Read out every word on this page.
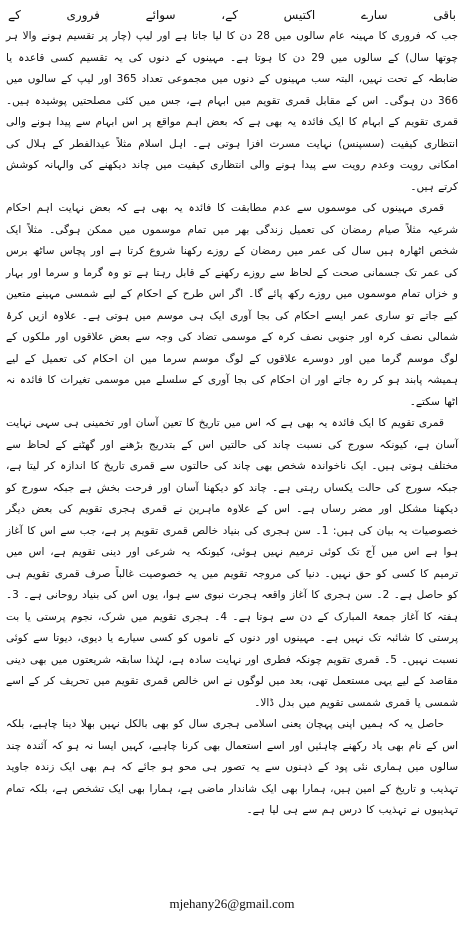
باقی
سارے
اکتیس
کے،
سوائے
فروری
کے

جب کہ فروری کا مہینہ عام سالوں میں 28 دن کا لیا جاتا ہے اور لیپ (چار پر تقسیم ہونے والا ہر چوتھا سال) کے سالوں میں 29 دن کا ہوتا ہے۔ مہینوں کے دنوں کی یہ تقسیم کسی قاعدہ یا ضابطہ کے تحت نہیں، البتہ سب مہینوں کے دنوں میں مجموعی تعداد 365 اور لیپ کے سالوں میں 366 دن ہوگی۔ اس کے مقابل قمری تقویم میں ابہام ہے، جس میں کئی مصلحتیں پوشیدہ ہیں۔ قمری تقویم کے ابہام کا ایک فائدہ یہ بھی ہے کہ بعض اہم مواقع پر اس ابہام سے پیدا ہونے والی انتظاری کیفیت (سسپنس) نہایت مسرت افزا ہوتی ہے۔ اہل اسلام مثلاً عیدالفطر کے ہلال کی امکانی رویت وعدم رویت سے پیدا ہونے والی انتظاری کیفیت میں چاند دیکھنے کی والہانہ کوشش کرتے ہیں۔

قمری مہینوں کی موسموں سے عدم مطابقت کا فائدہ یہ بھی ہے کہ بعض نہایت اہم احکام شرعیہ مثلاً صیام رمضان کی تعمیل زندگی بھر میں تمام موسموں میں ممکن ہوگی۔ مثلاً ایک شخص اٹھارہ ہیں سال کی عمر میں رمضان کے روزے رکھنا شروع کرتا ہے اور پچاس ساٹھ برس کی عمر تک جسمانی صحت کے لحاظ سے روزے رکھنے کے قابل رہتا ہے تو وہ گرما و سرما اور بہار و خزاں تمام موسموں میں روزے رکھ پائے گا۔ اگر اس طرح کے احکام کے لیے شمسی مہینے متعین کیے جاتے تو ساری عمر ایسے احکام کی بجا آوری ایک ہی موسم میں ہوتی ہے۔ علاوہ ازیں کرۂ شمالی نصف کرہ اور جنوبی نصف کرہ کے موسمی تضاد کی وجہ سے بعض علاقوں اور ملکوں کے لوگ موسم گرما میں اور دوسرے علاقوں کے لوگ موسم سرما میں ان احکام کی تعمیل کے لیے ہمیشہ پابند ہو کر رہ جاتے اور ان احکام کی بجا آوری کے سلسلے میں موسمی تغیرات کا فائدہ نہ اٹھا سکتے۔

قمری تقویم کا ایک فائدہ یہ بھی ہے کہ اس میں تاریخ کا تعین آسان اور تخمینی ہی سہی نہایت آسان ہے، کیونکہ سورج کی نسبت چاند کی حالتیں اس کے بتدریج بڑھنے اور گھٹنے کے لحاظ سے مختلف ہوتی ہیں۔ ایک ناخواندہ شخص بھی چاند کی حالتوں سے قمری تاریخ کا اندازہ کر لیتا ہے، جبکہ سورج کی حالت یکساں رہتی ہے۔ چاند کو دیکھنا آسان اور فرحت بخش ہے جبکہ سورج کو دیکھنا مشکل اور مضر رساں ہے۔ اس کے علاوہ ماہرین نے قمری ہجری تقویم کی بعض دیگر خصوصیات یہ بیان کی ہیں: 1۔ سن ہجری کی بنیاد خالص قمری تقویم پر ہے، جب سے اس کا آغاز ہوا ہے اس میں آج تک کوئی ترمیم نہیں ہوئی، کیونکہ یہ شرعی اور دینی تقویم ہے، اس میں ترمیم کا کسی کو حق نہیں۔ دنیا کی مروجہ تقویم میں یہ خصوصیت غالباً صرف قمری تقویم ہی کو حاصل ہے۔ 2۔ سن ہجری کا آغاز واقعہ ہجرت نبوی سے ہوا، یوں اس کی بنیاد روحانی ہے۔ 3۔ ہفتہ کا آغاز جمعۃ المبارک کے دن سے ہوتا ہے۔ 4۔ ہجری تقویم میں شرک، نجوم پرستی یا بت پرستی کا شائبہ تک نہیں ہے۔ مہینوں اور دنوں کے ناموں کو کسی سیارے یا دیوی، دیوتا سے کوئی نسبت نہیں۔ 5۔ قمری تقویم چونکہ فطری اور نہایت سادہ ہے، لہٰذا سابقہ شریعتوں میں بھی دینی مقاصد کے لیے یہی مستعمل تھی، بعد میں لوگوں نے اس خالص قمری تقویم میں تحریف کر کے اسے شمسی یا قمری شمسی تقویم میں بدل ڈالا۔

حاصل یہ کہ ہمیں اپنی پہچان یعنی اسلامی ہجری سال کو بھی بالکل نہیں بھلا دینا چاہیے، بلکہ اس کے نام بھی یاد رکھنے چاہئیں اور اسے استعمال بھی کرنا چاہیے، کہیں ایسا نہ ہو کہ آئندہ چند سالوں میں ہماری نئی پود کے ذہنوں سے یہ تصور ہی محو ہو جائے کہ ہم بھی ایک زندہ جاوید تہذیب و تاریخ کے امین ہیں، ہمارا بھی ایک شاندار ماضی ہے، ہمارا بھی ایک تشخص ہے، بلکہ تمام تہذیبوں نے تہذیب کا درس ہم سے ہی لیا ہے۔

mjehany26@gmail.com
